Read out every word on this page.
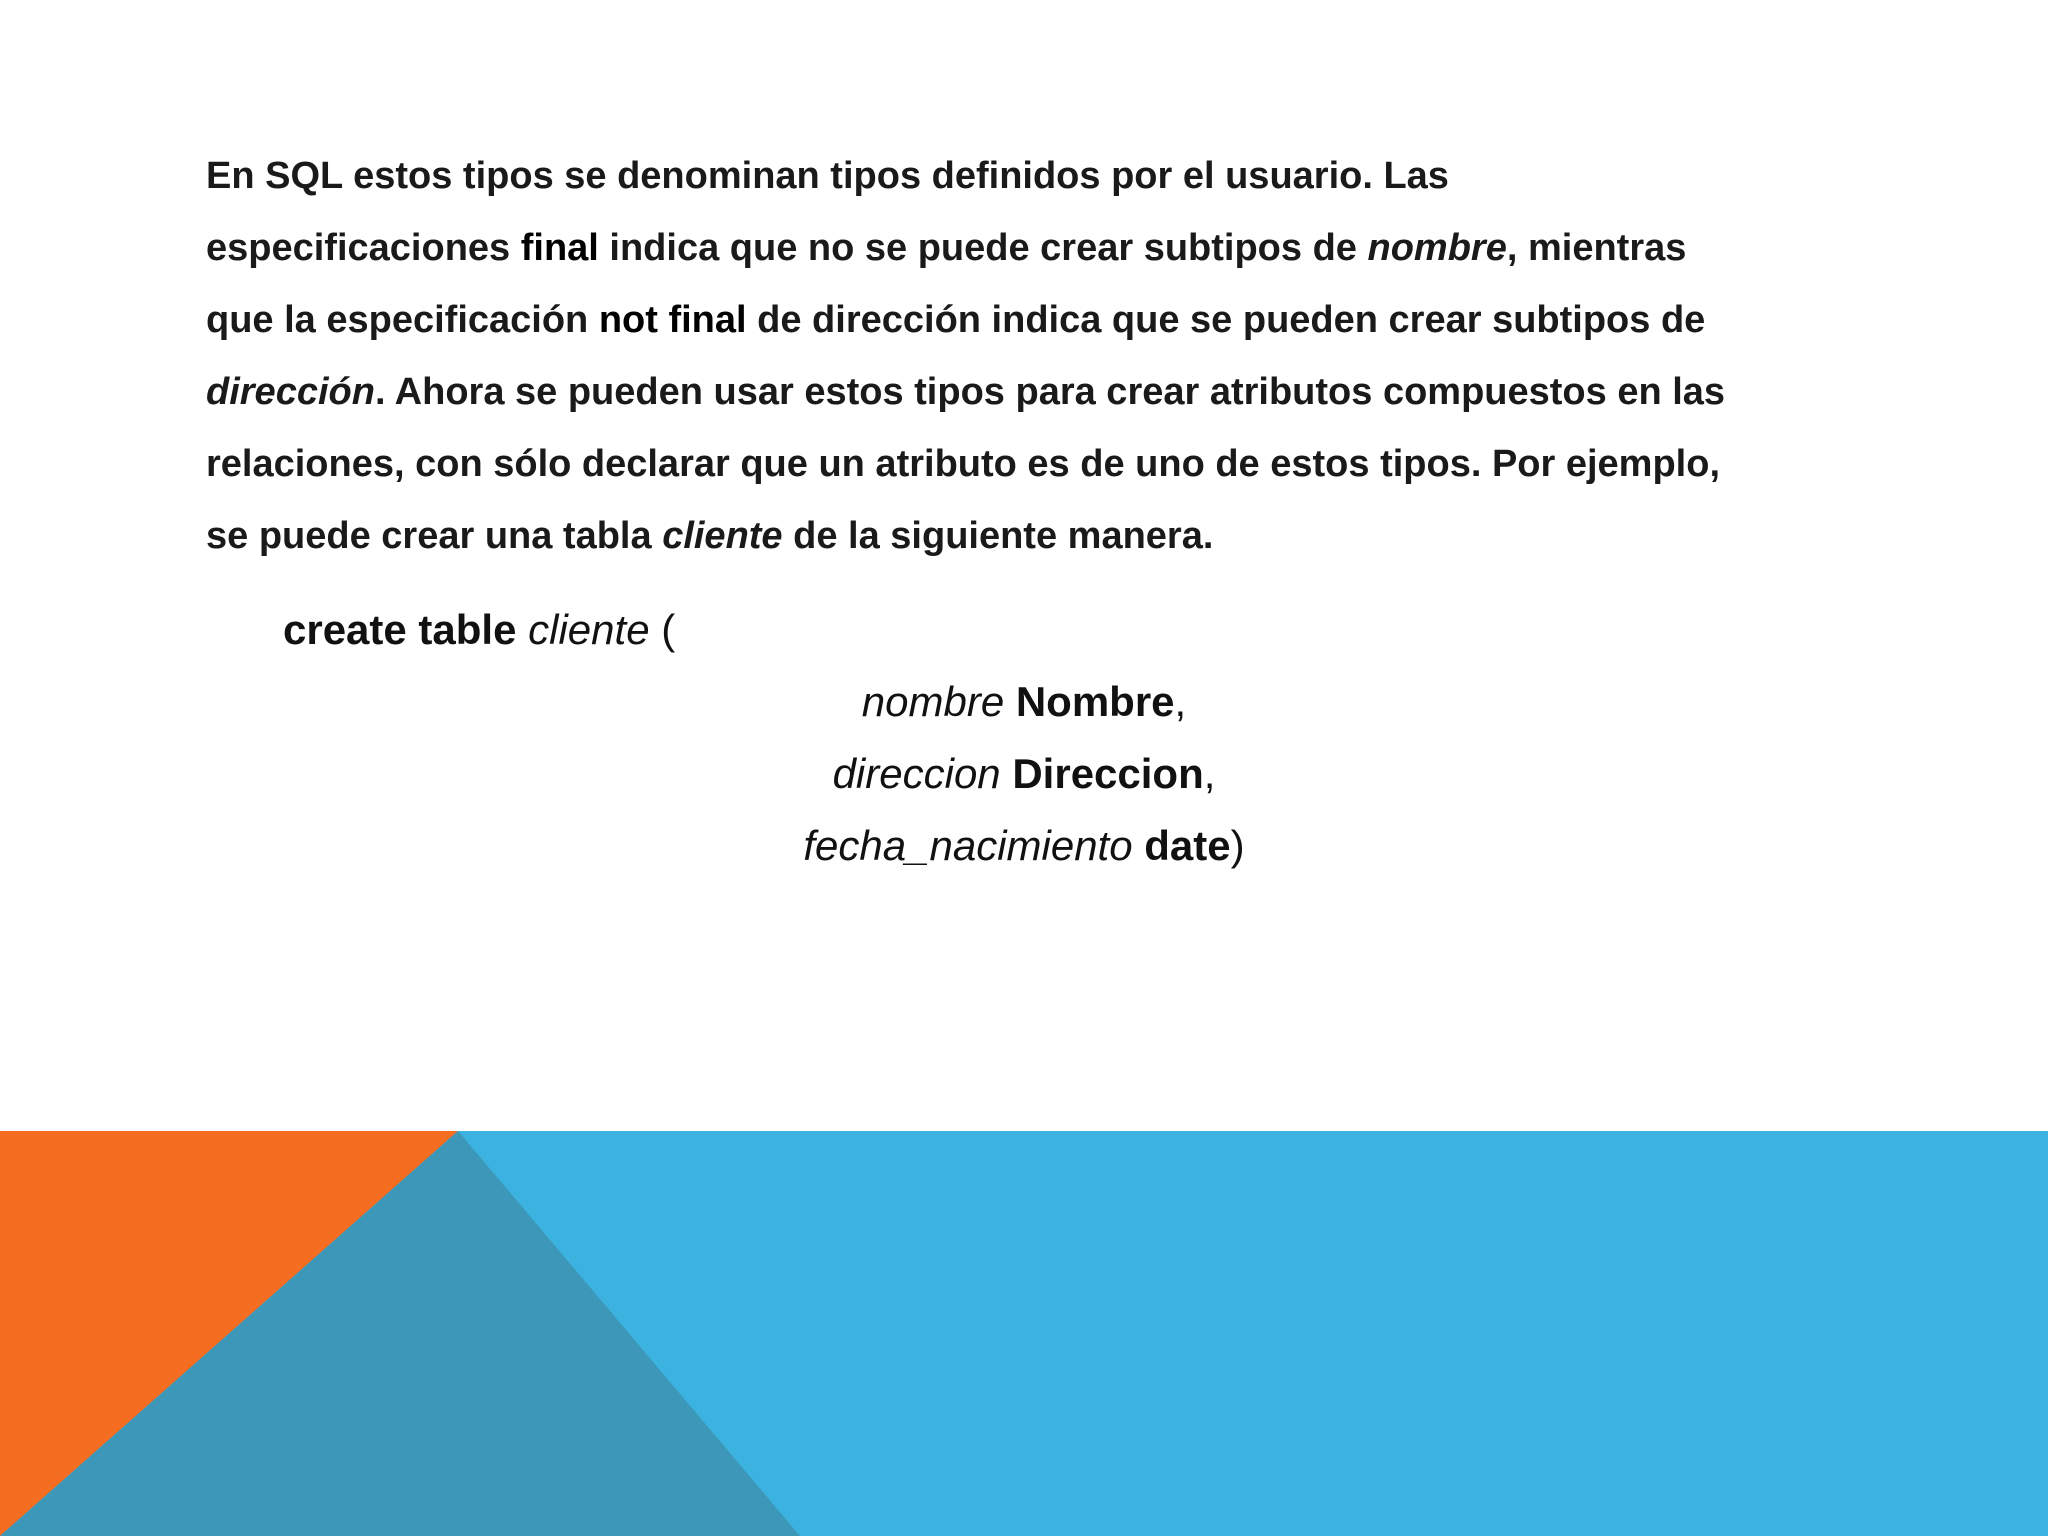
En SQL estos tipos se denominan tipos definidos por el usuario. Las
especificaciones final indica que no se puede crear subtipos de nombre, mientras
que la especificación not final de dirección indica que se pueden crear subtipos de
dirección. Ahora se pueden usar estos tipos para crear atributos compuestos en las
relaciones, con sólo declarar que un atributo es de uno de estos tipos. Por ejemplo,
se puede crear una tabla cliente de la siguiente manera.
create table cliente (
nombre Nombre,
direccion Direccion,
fecha_nacimiento date)
